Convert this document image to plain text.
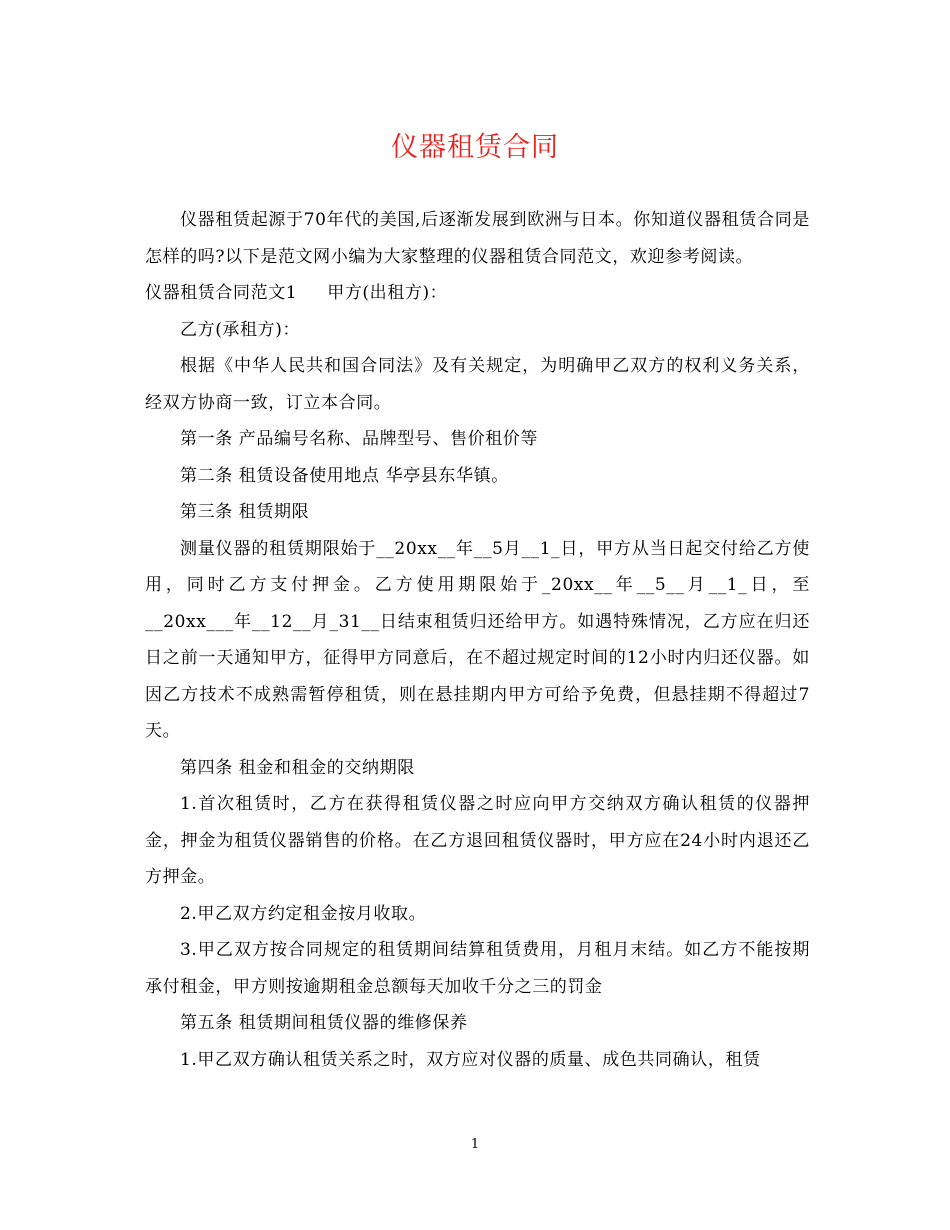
仪器租赁合同

仪器租赁起源于70年代的美国,后逐渐发展到欧洲与日本。你知道仪器租赁合同是怎样的吗?以下是范文网小编为大家整理的仪器租赁合同范文，欢迎参考阅读。

仪器租赁合同范文1 甲方(出租方)：

乙方(承租方)：

根据《中华人民共和国合同法》及有关规定，为明确甲乙双方的权利义务关系，经双方协商一致，订立本合同。

第一条 产品编号名称、品牌型号、售价租价等

第二条 租赁设备使用地点 华亭县东华镇。

第三条 租赁期限

测量仪器的租赁期限始于__20xx__年__5月__1_日，甲方从当日起交付给乙方使用，同时乙方支付押金。乙方使用期限始于_20xx__年__5__月__1_日，至__20xx___年__12__月_31__日结束租赁归还给甲方。如遇特殊情况，乙方应在归还日之前一天通知甲方，征得甲方同意后，在不超过规定时间的12小时内归还仪器。如因乙方技术不成熟需暂停租赁，则在悬挂期内甲方可给予免费，但悬挂期不得超过7天。

第四条 租金和租金的交纳期限

1.首次租赁时，乙方在获得租赁仪器之时应向甲方交纳双方确认租赁的仪器押金，押金为租赁仪器销售的价格。在乙方退回租赁仪器时，甲方应在24小时内退还乙方押金。

2.甲乙双方约定租金按月收取。

3.甲乙双方按合同规定的租赁期间结算租赁费用，月租月末结。如乙方不能按期承付租金，甲方则按逾期租金总额每天加收千分之三的罚金

第五条 租赁期间租赁仪器的维修保养

1.甲乙双方确认租赁关系之时，双方应对仪器的质量、成色共同确认，租赁

1
